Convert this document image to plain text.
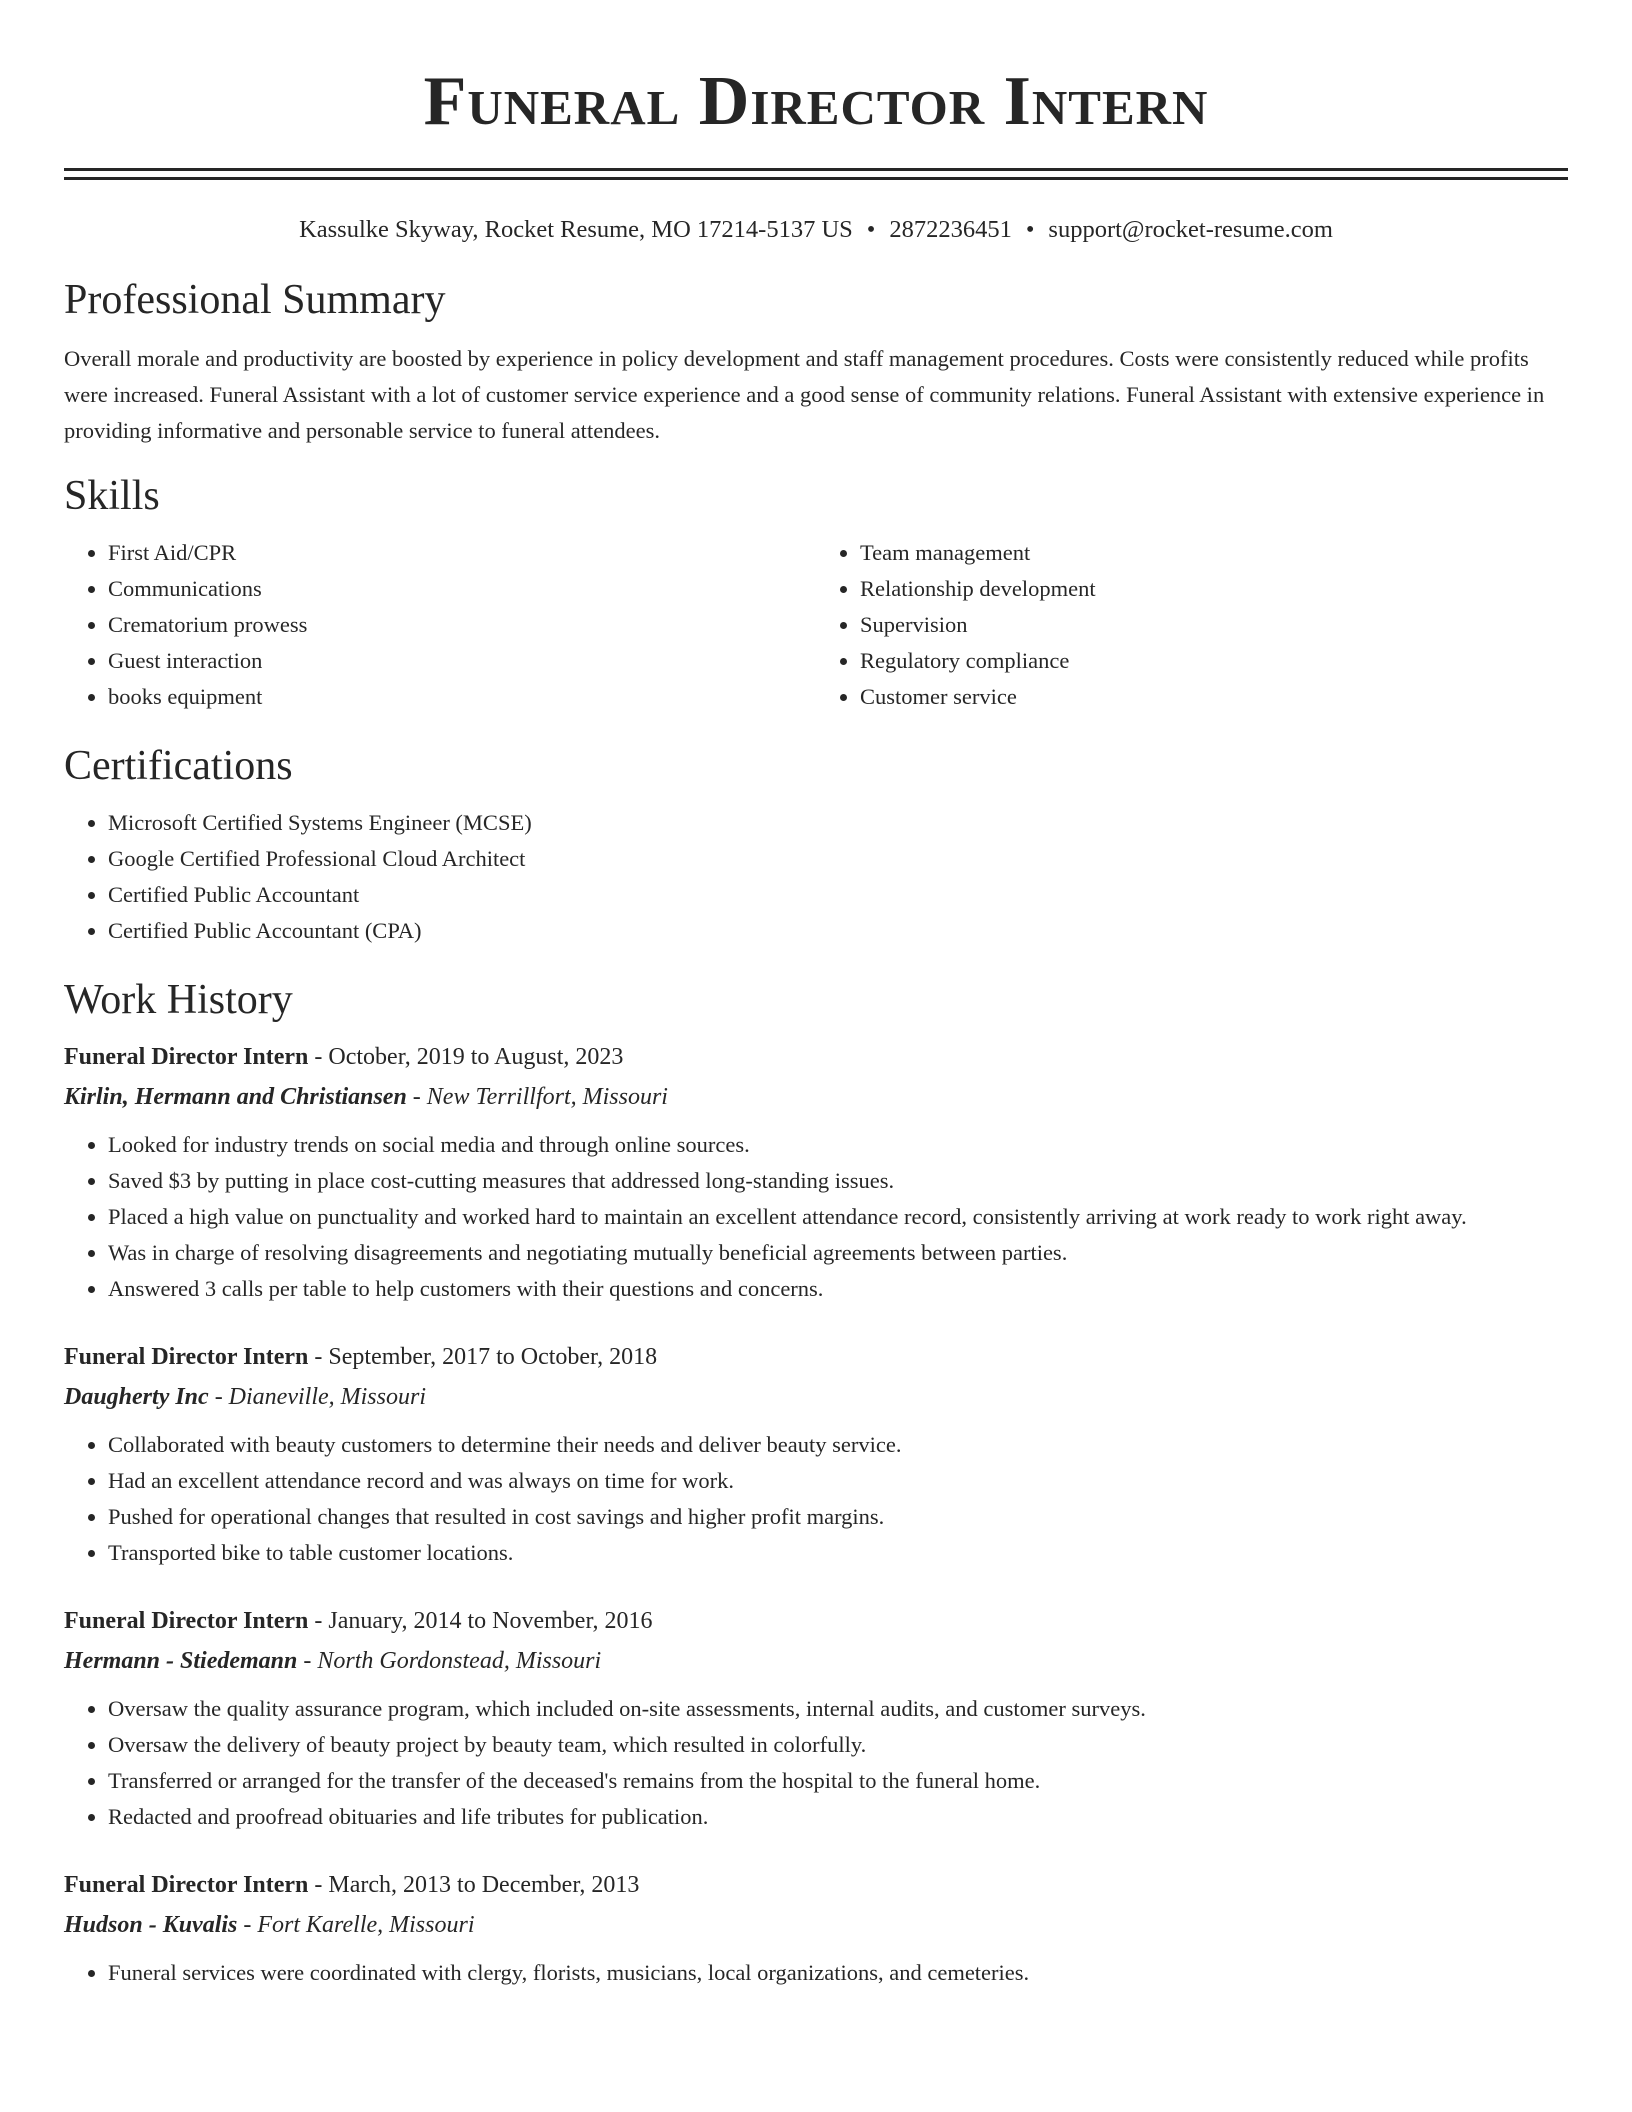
Funeral Director Intern
Kassulke Skyway, Rocket Resume, MO 17214-5137 US • 2872236451 • support@rocket-resume.com
Professional Summary

Overall morale and productivity are boosted by experience in policy development and staff management procedures. Costs were consistently reduced while profits were increased. Funeral Assistant with a lot of customer service experience and a good sense of community relations. Funeral Assistant with extensive experience in providing informative and personable service to funeral attendees.

Skills
• First Aid/CPR
• Communications
• Crematorium prowess
• Guest interaction
• books equipment
• Team management
• Relationship development
• Supervision
• Regulatory compliance
• Customer service
Certifications
• Microsoft Certified Systems Engineer (MCSE)
• Google Certified Professional Cloud Architect
• Certified Public Accountant
• Certified Public Accountant (CPA)
Work History
Funeral Director Intern - October, 2019 to August, 2023
Kirlin, Hermann and Christiansen - New Terrillfort, Missouri
• Looked for industry trends on social media and through online sources.
• Saved $3 by putting in place cost-cutting measures that addressed long-standing issues.
• Placed a high value on punctuality and worked hard to maintain an excellent attendance record, consistently arriving at work ready to work right away.
• Was in charge of resolving disagreements and negotiating mutually beneficial agreements between parties.
• Answered 3 calls per table to help customers with their questions and concerns.
Funeral Director Intern - September, 2017 to October, 2018
Daugherty Inc - Dianeville, Missouri
• Collaborated with beauty customers to determine their needs and deliver beauty service.
• Had an excellent attendance record and was always on time for work.
• Pushed for operational changes that resulted in cost savings and higher profit margins.
• Transported bike to table customer locations.
Funeral Director Intern - January, 2014 to November, 2016
Hermann - Stiedemann - North Gordonstead, Missouri
• Oversaw the quality assurance program, which included on-site assessments, internal audits, and customer surveys.
• Oversaw the delivery of beauty project by beauty team, which resulted in colorfully.
• Transferred or arranged for the transfer of the deceased's remains from the hospital to the funeral home.
• Redacted and proofread obituaries and life tributes for publication.
Funeral Director Intern - March, 2013 to December, 2013
Hudson - Kuvalis - Fort Karelle, Missouri
• Funeral services were coordinated with clergy, florists, musicians, local organizations, and cemeteries.
